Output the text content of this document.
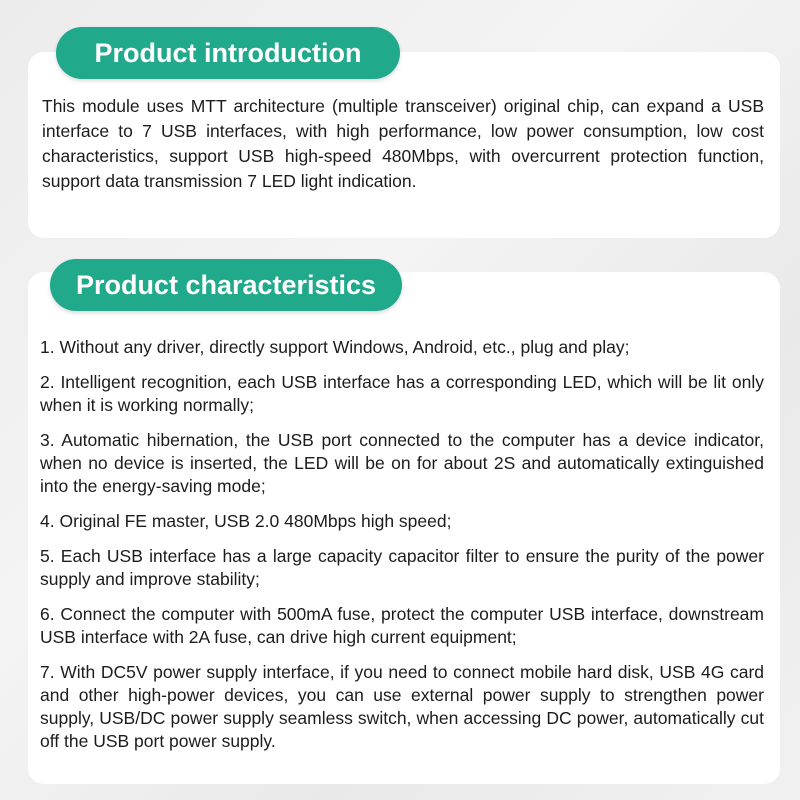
Product introduction

This module uses MTT architecture (multiple transceiver) original chip, can expand a USB interface to 7 USB interfaces, with high performance, low power consumption, low cost characteristics, support USB high-speed 480Mbps, with overcurrent protection function, support data transmission 7 LED light indication.

Product characteristics
1. Without any driver, directly support Windows, Android, etc., plug and play;
2. Intelligent recognition, each USB interface has a corresponding LED, which will be lit only when it is working normally;
3. Automatic hibernation, the USB port connected to the computer has a device indicator, when no device is inserted, the LED will be on for about 2S and automatically extinguished into the energy-saving mode;
4. Original FE master, USB 2.0 480Mbps high speed;
5. Each USB interface has a large capacity capacitor filter to ensure the purity of the power supply and improve stability;
6. Connect the computer with 500mA fuse, protect the computer USB interface, downstream USB interface with 2A fuse, can drive high current equipment;
7. With DC5V power supply interface, if you need to connect mobile hard disk, USB 4G card and other high-power devices, you can use external power supply to strengthen power supply, USB/DC power supply seamless switch, when accessing DC power, automatically cut off the USB port power supply.
